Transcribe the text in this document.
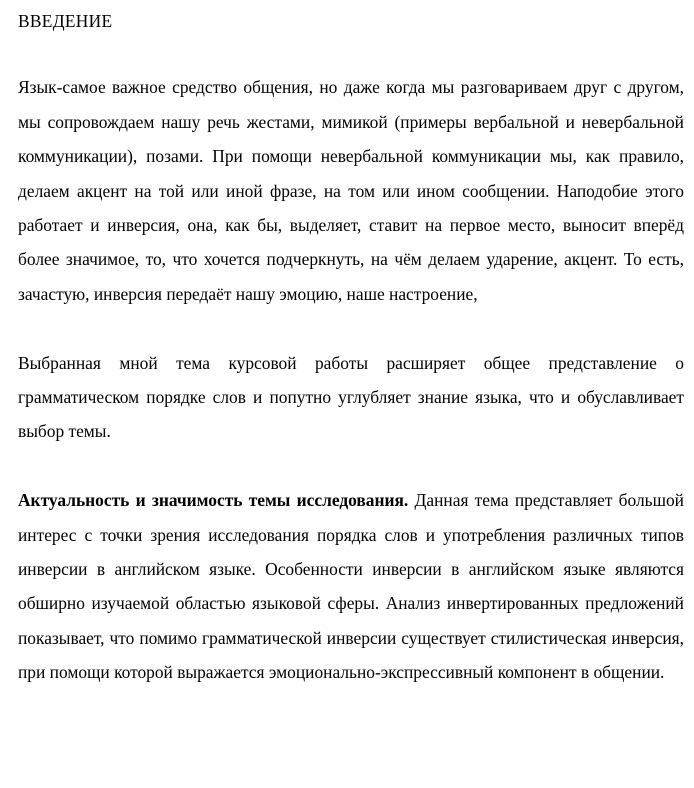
ВВЕДЕНИЕ

Язык-самое важное средство общения, но даже когда мы разговариваем друг с другом, мы сопровождаем нашу речь жестами, мимикой (примеры вербальной и невербальной коммуникации), позами. При помощи невербальной коммуникации мы, как правило, делаем акцент на той или иной фразе, на том или ином сообщении. Наподобие этого работает и инверсия, она, как бы, выделяет, ставит на первое место, выносит вперёд более значимое, то, что хочется подчеркнуть, на чём делаем ударение, акцент. То есть, зачастую, инверсия передаёт нашу эмоцию, наше настроение,

Выбранная мной тема курсовой работы расширяет общее представление о грамматическом порядке слов и попутно углубляет знание языка, что и обуславливает выбор темы.

Актуальность и значимость темы исследования. Данная тема представляет большой интерес с точки зрения исследования порядка слов и употребления различных типов инверсии в английском языке. Особенности инверсии в английском языке являются обширно изучаемой областью языковой сферы. Анализ инвертированных предложений показывает, что помимо грамматической инверсии существует стилистическая инверсия, при помощи которой выражается эмоционально-экспрессивный компонент в общении.
